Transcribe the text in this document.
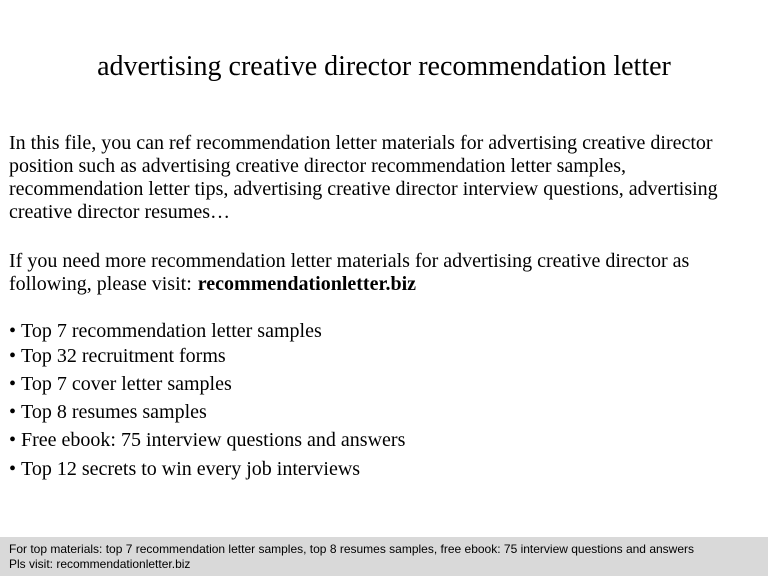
advertising creative director recommendation letter
In this file, you can ref recommendation letter materials for advertising creative director position such as advertising creative director recommendation letter samples, recommendation letter tips, advertising creative director interview questions, advertising creative director resumes…
If you need more recommendation letter materials for advertising creative director as following, please visit: recommendationletter.biz
• Top 7 recommendation letter samples
• Top 32 recruitment forms
• Top 7 cover letter samples
• Top 8 resumes samples
• Free ebook: 75 interview questions and answers
• Top 12 secrets to win every job interviews
For top materials: top 7 recommendation letter samples, top 8 resumes samples, free ebook: 75 interview questions and answers
Pls visit: recommendationletter.biz
